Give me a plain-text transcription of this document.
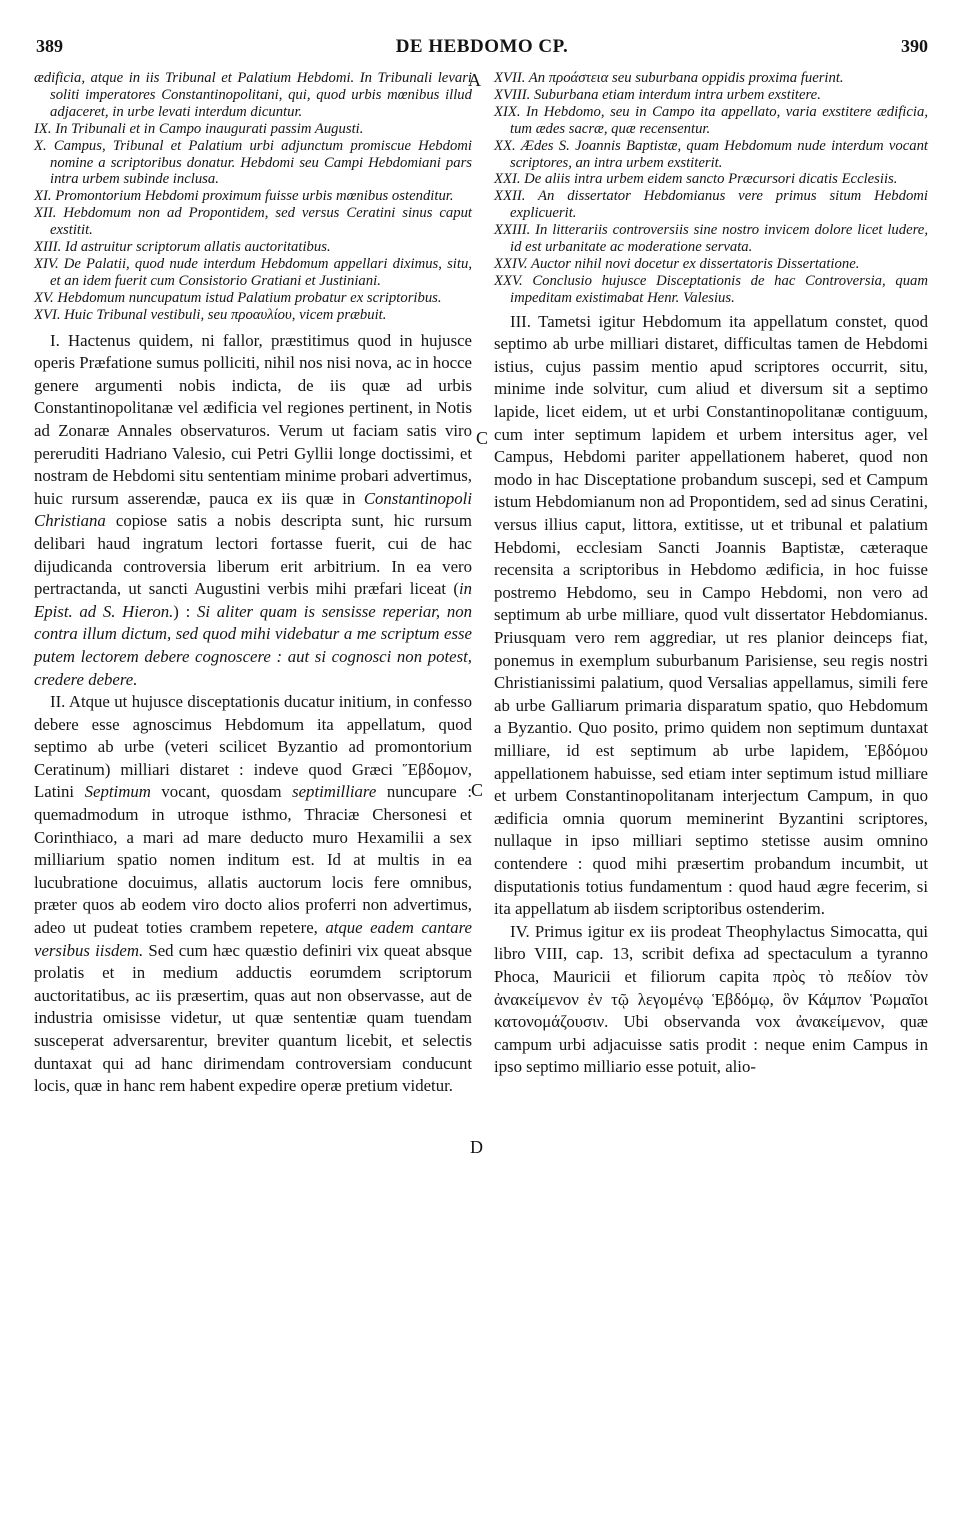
389	DE HEBDOMO CP.	390
A
C
C
D
ædificia, atque in iis Tribunal et Palatium Hebdomi. In Tribunali levari soliti imperatores Constantinopolitani, qui, quod urbis mœnibus illud adjaceret, in urbe levati interdum dicuntur.
IX. In Tribunali et in Campo inaugurati passim Augusti.
X. Campus, Tribunal et Palatium urbi adjunctum promiscue Hebdomi nomine a scriptoribus donatur. Hebdomi seu Campi Hebdomiani pars intra urbem subinde inclusa.
XI. Promontorium Hebdomi proximum fuisse urbis mœnibus ostenditur.
XII. Hebdomum non ad Propontidem, sed versus Ceratini sinus caput exstitit.
XIII. Id astruitur scriptorum allatis auctoritatibus.
XIV. De Palatii, quod nude interdum Hebdomum appellari diximus, situ, et an idem fuerit cum Consistorio Gratiani et Justiniani.
XV. Hebdomum nuncupatum istud Palatium probatur ex scriptoribus.
XVI. Huic Tribunal vestibuli, seu προαυλίου, vicem præbuit.

I. Hactenus quidem, ni fallor, præstitimus quod in hujusce operis Præfatione sumus polliciti, nihil nos nisi nova, ac in hocce genere argumenti nobis indicta, de iis quæ ad urbis Constantinopolitanæ vel ædificia vel regiones pertinent, in Notis ad Zonaræ Annales observaturos. Verum ut faciam satis viro pereruditi Hadriano Valesio, cui Petri Gyllii longe doctissimi, et nostram de Hebdomi situ sententiam minime probari advertimus, huic rursum asserendæ, pauca ex iis quæ in Constantinopoli Christiana copiose satis a nobis descripta sunt, hic rursum delibari haud ingratum lectori fortasse fuerit, cui de hac dijudicanda controversia liberum erit arbitrium. In ea vero pertractanda, ut sancti Augustini verbis mihi præfari liceat (in Epist. ad S. Hieron.) : Si aliter quam is sensisse reperiar, non contra illum dictum, sed quod mihi videbatur a me scriptum esse putem lectorem debere cognoscere : aut si cognosci non potest, credere debere.

II. Atque ut hujusce disceptationis ducatur initium, in confesso debere esse agnoscimus Hebdomum ita appellatum, quod septimo ab urbe (veteri scilicet Byzantio ad promontorium Ceratinum) milliari distaret : indeve quod Græci Ἕβδομον, Latini Septimum vocant, quosdam septimilliare nuncupare : quemadmodum in utroque isthmo, Thraciæ Chersonesi et Corinthiaco, a mari ad mare deducto muro Hexamilii a sex milliarium spatio nomen inditum est. Id at multis in ea lucubratione docuimus, allatis auctorum locis fere omnibus, præter quos ab eodem viro docto alios proferri non advertimus, adeo ut pudeat toties crambem repetere, atque eadem cantare versibus iisdem. Sed cum hæc quæstio definiri vix queat absque prolatis et in medium adductis eorumdem scriptorum auctoritatibus, ac iis præsertim, quas aut non observasse, aut de industria omisisse videtur, ut quæ sententiæ quam tuendam susceperat adversarentur, breviter quantum licebit, et selectis duntaxat qui ad hanc dirimendam controversiam conducunt locis, quæ in hanc rem habent expedire operæ pretium videtur.

XVII. An προάστεια seu suburbana oppidis proxima fuerint.
XVIII. Suburbana etiam interdum intra urbem exstitere.
XIX. In Hebdomo, seu in Campo ita appellato, varia exstitere ædificia, tum ædes sacræ, quæ recensentur.
XX. Ædes S. Joannis Baptistæ, quam Hebdomum nude interdum vocant scriptores, an intra urbem exstiterit.
XXI. De aliis intra urbem eidem sancto Præcursori dicatis Ecclesiis.
XXII. An dissertator Hebdomianus vere primus situm Hebdomi explicuerit.
XXIII. In litterariis controversiis sine nostro invicem dolore licet ludere, id est urbanitate ac moderatione servata.
XXIV. Auctor nihil novi docetur ex dissertatoris Dissertatione.
XXV. Conclusio hujusce Disceptationis de hac Controversia, quam impeditam existimabat Henr. Valesius.

III. Tametsi igitur Hebdomum ita appellatum constet, quod septimo ab urbe milliari distaret, difficultas tamen de Hebdomi istius, cujus passim mentio apud scriptores occurrit, situ, minime inde solvitur, cum aliud et diversum sit a septimo lapide, licet eidem, ut et urbi Constantinopolitanæ contiguum, cum inter septimum lapidem et urbem intersitus ager, vel Campus, Hebdomi pariter appellationem haberet, quod non modo in hac Disceptatione probandum suscepi, sed et Campum istum Hebdomianum non ad Propontidem, sed ad sinus Ceratini, versus illius caput, littora, extitisse, ut et tribunal et palatium Hebdomi, ecclesiam Sancti Joannis Baptistæ, cæteraque recensita a scriptoribus in Hebdomo ædificia, in hoc fuisse postremo Hebdomo, seu in Campo Hebdomi, non vero ad septimum ab urbe milliare, quod vult dissertator Hebdomianus. Priusquam vero rem aggrediar, ut res planior deinceps fiat, ponemus in exemplum suburbanum Parisiense, seu regis nostri Christianissimi palatium, quod Versalias appellamus, simili fere ab urbe Galliarum primaria disparatum spatio, quo Hebdomum a Byzantio. Quo posito, primo quidem non septimum duntaxat milliare, id est septimum ab urbe lapidem, Ἑβδόμου appellationem habuisse, sed etiam inter septimum istud milliare et urbem Constantinopolitanam interjectum Campum, in quo ædificia omnia quorum meminerint Byzantini scriptores, nullaque in ipso milliari septimo stetisse ausim omnino contendere : quod mihi præsertim probandum incumbit, ut disputationis totius fundamentum : quod haud ægre fecerim, si ita appellatum ab iisdem scriptoribus ostenderim.

IV. Primus igitur ex iis prodeat Theophylactus Simocatta, qui libro VIII, cap. 13, scribit defixa ad spectaculum a tyranno Phoca, Mauricii et filiorum capita πρὸς τὸ πεδίον τὸν ἀνακείμενον ἐν τῷ λεγομένῳ Ἑβδόμῳ, ὃν Κάμπον Ῥωμαῖοι κατονομάζουσιν. Ubi observanda vox ἀνακείμενον, quæ campum urbi adjacuisse satis prodit : neque enim Campus in ipso septimo milliario esse potuit, alio-
